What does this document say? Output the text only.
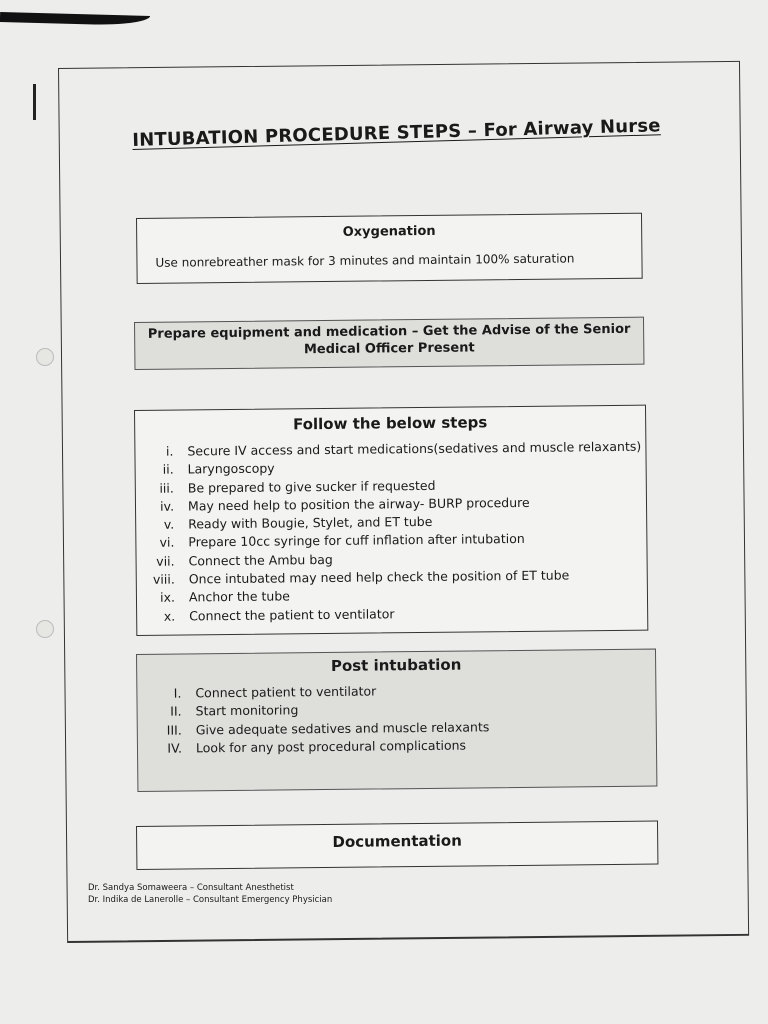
INTUBATION PROCEDURE STEPS – For Airway Nurse
Oxygenation
Use nonrebreather mask for 3 minutes and maintain 100% saturation
Prepare equipment and medication – Get the Advise of the Senior
Medical Officer Present
Follow the below steps
i.	Secure IV access and start medications(sedatives and muscle relaxants)
ii.	Laryngoscopy
iii.	Be prepared to give sucker if requested
iv.	May need help to position the airway- BURP procedure
v.	Ready with Bougie, Stylet, and ET tube
vi.	Prepare 10cc syringe for cuff inflation after intubation
vii.	Connect the Ambu bag
viii.	Once intubated may need help check the position of ET tube
ix.	Anchor the tube
x.	Connect the patient to ventilator
Post intubation
I.	Connect patient to ventilator
II.	Start monitoring
III.	Give adequate sedatives and muscle relaxants
IV.	Look for any post procedural complications
Documentation
Dr. Sandya Somaweera – Consultant Anesthetist
Dr. Indika de Lanerolle – Consultant Emergency Physician
